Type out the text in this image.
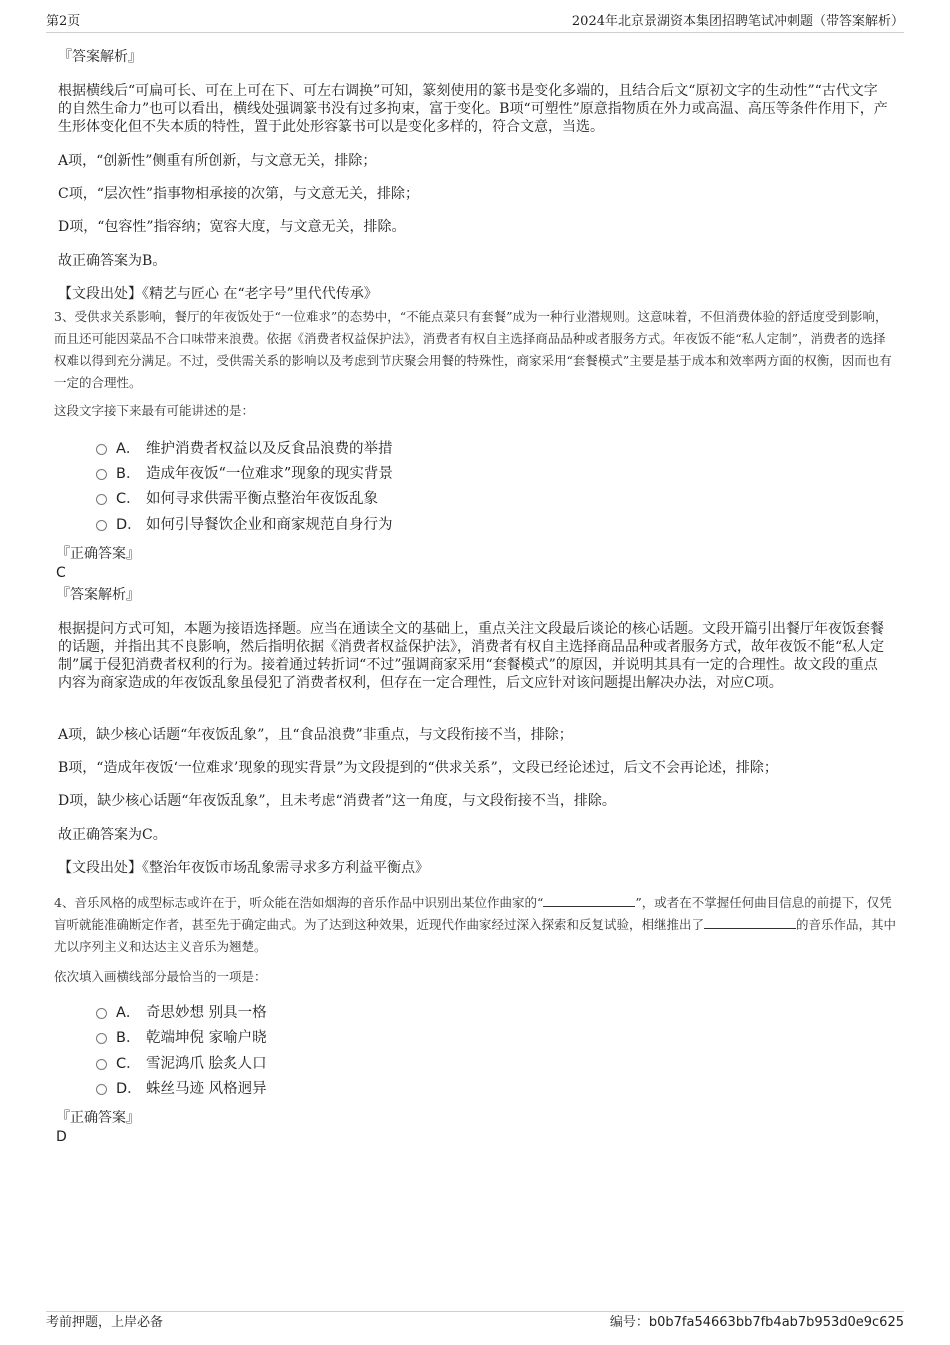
第2页	2024年北京景湖资本集团招聘笔试冲刺题（带答案解析）
『答案解析』
根据横线后“可扁可长、可在上可在下、可左右调换”可知，篆刻使用的篆书是变化多端的，且结合后文“原初文字的生动性”“古代文字的自然生命力”也可以看出，横线处强调篆书没有过多拘束，富于变化。B项“可塑性”原意指物质在外力或高温、高压等条件作用下，产生形体变化但不失本质的特性，置于此处形容篆书可以是变化多样的，符合文意，当选。
A项，“创新性”侧重有所创新，与文意无关，排除；
C项，“层次性”指事物相承接的次第，与文意无关，排除；
D项，“包容性”指容纳；宽容大度，与文意无关，排除。
故正确答案为B。
【文段出处】《精艺与匠心 在“老字号”里代代传承》
3、受供求关系影响，餐厅的年夜饭处于“一位难求”的态势中，“不能点菜只有套餐”成为一种行业潜规则。这意味着，不但消费体验的舒适度受到影响，而且还可能因菜品不合口味带来浪费。依据《消费者权益保护法》，消费者有权自主选择商品品种或者服务方式。年夜饭不能“私人定制”，消费者的选择权难以得到充分满足。不过，受供需关系的影响以及考虑到节庆聚会用餐的特殊性，商家采用“套餐模式”主要是基于成本和效率两方面的权衡，因而也有一定的合理性。
这段文字接下来最有可能讲述的是：
A． 维护消费者权益以及反食品浪费的举措
B． 造成年夜饭“一位难求”现象的现实背景
C． 如何寻求供需平衡点整治年夜饭乱象
D． 如何引导餐饮企业和商家规范自身行为
『正确答案』
C
『答案解析』
根据提问方式可知，本题为接语选择题。应当在通读全文的基础上，重点关注文段最后谈论的核心话题。文段开篇引出餐厅年夜饭套餐的话题，并指出其不良影响，然后指明依据《消费者权益保护法》，消费者有权自主选择商品品种或者服务方式，故年夜饭不能“私人定制”属于侵犯消费者权利的行为。接着通过转折词“不过”强调商家采用“套餐模式”的原因，并说明其具有一定的合理性。故文段的重点内容为商家造成的年夜饭乱象虽侵犯了消费者权利，但存在一定合理性，后文应针对该问题提出解决办法，对应C项。
A项，缺少核心话题“年夜饭乱象”，且“食品浪费”非重点，与文段衔接不当，排除；
B项，“造成年夜饭‘一位难求’现象的现实背景”为文段提到的“供求关系”，文段已经论述过，后文不会再论述，排除；
D项，缺少核心话题“年夜饭乱象”，且未考虑“消费者”这一角度，与文段衔接不当，排除。
故正确答案为C。
【文段出处】《整治年夜饭市场乱象需寻求多方利益平衡点》
4、音乐风格的成型标志或许在于，听众能在浩如烟海的音乐作品中识别出某位作曲家的“	”，或者在不掌握任何曲目信息的前提下，仅凭盲听就能准确断定作者，甚至先于确定曲式。为了达到这种效果，近现代作曲家经过深入探索和反复试验，相继推出了	的音乐作品，其中尤以序列主义和达达主义音乐为翘楚。
依次填入画横线部分最恰当的一项是：
A． 奇思妙想 别具一格
B． 乾端坤倪 家喻户晓
C． 雪泥鸿爪 脍炙人口
D． 蛛丝马迹 风格迥异
『正确答案』
D
考前押题，上岸必备	编号：b0b7fa54663bb7fb4ab7b953d0e9c625
